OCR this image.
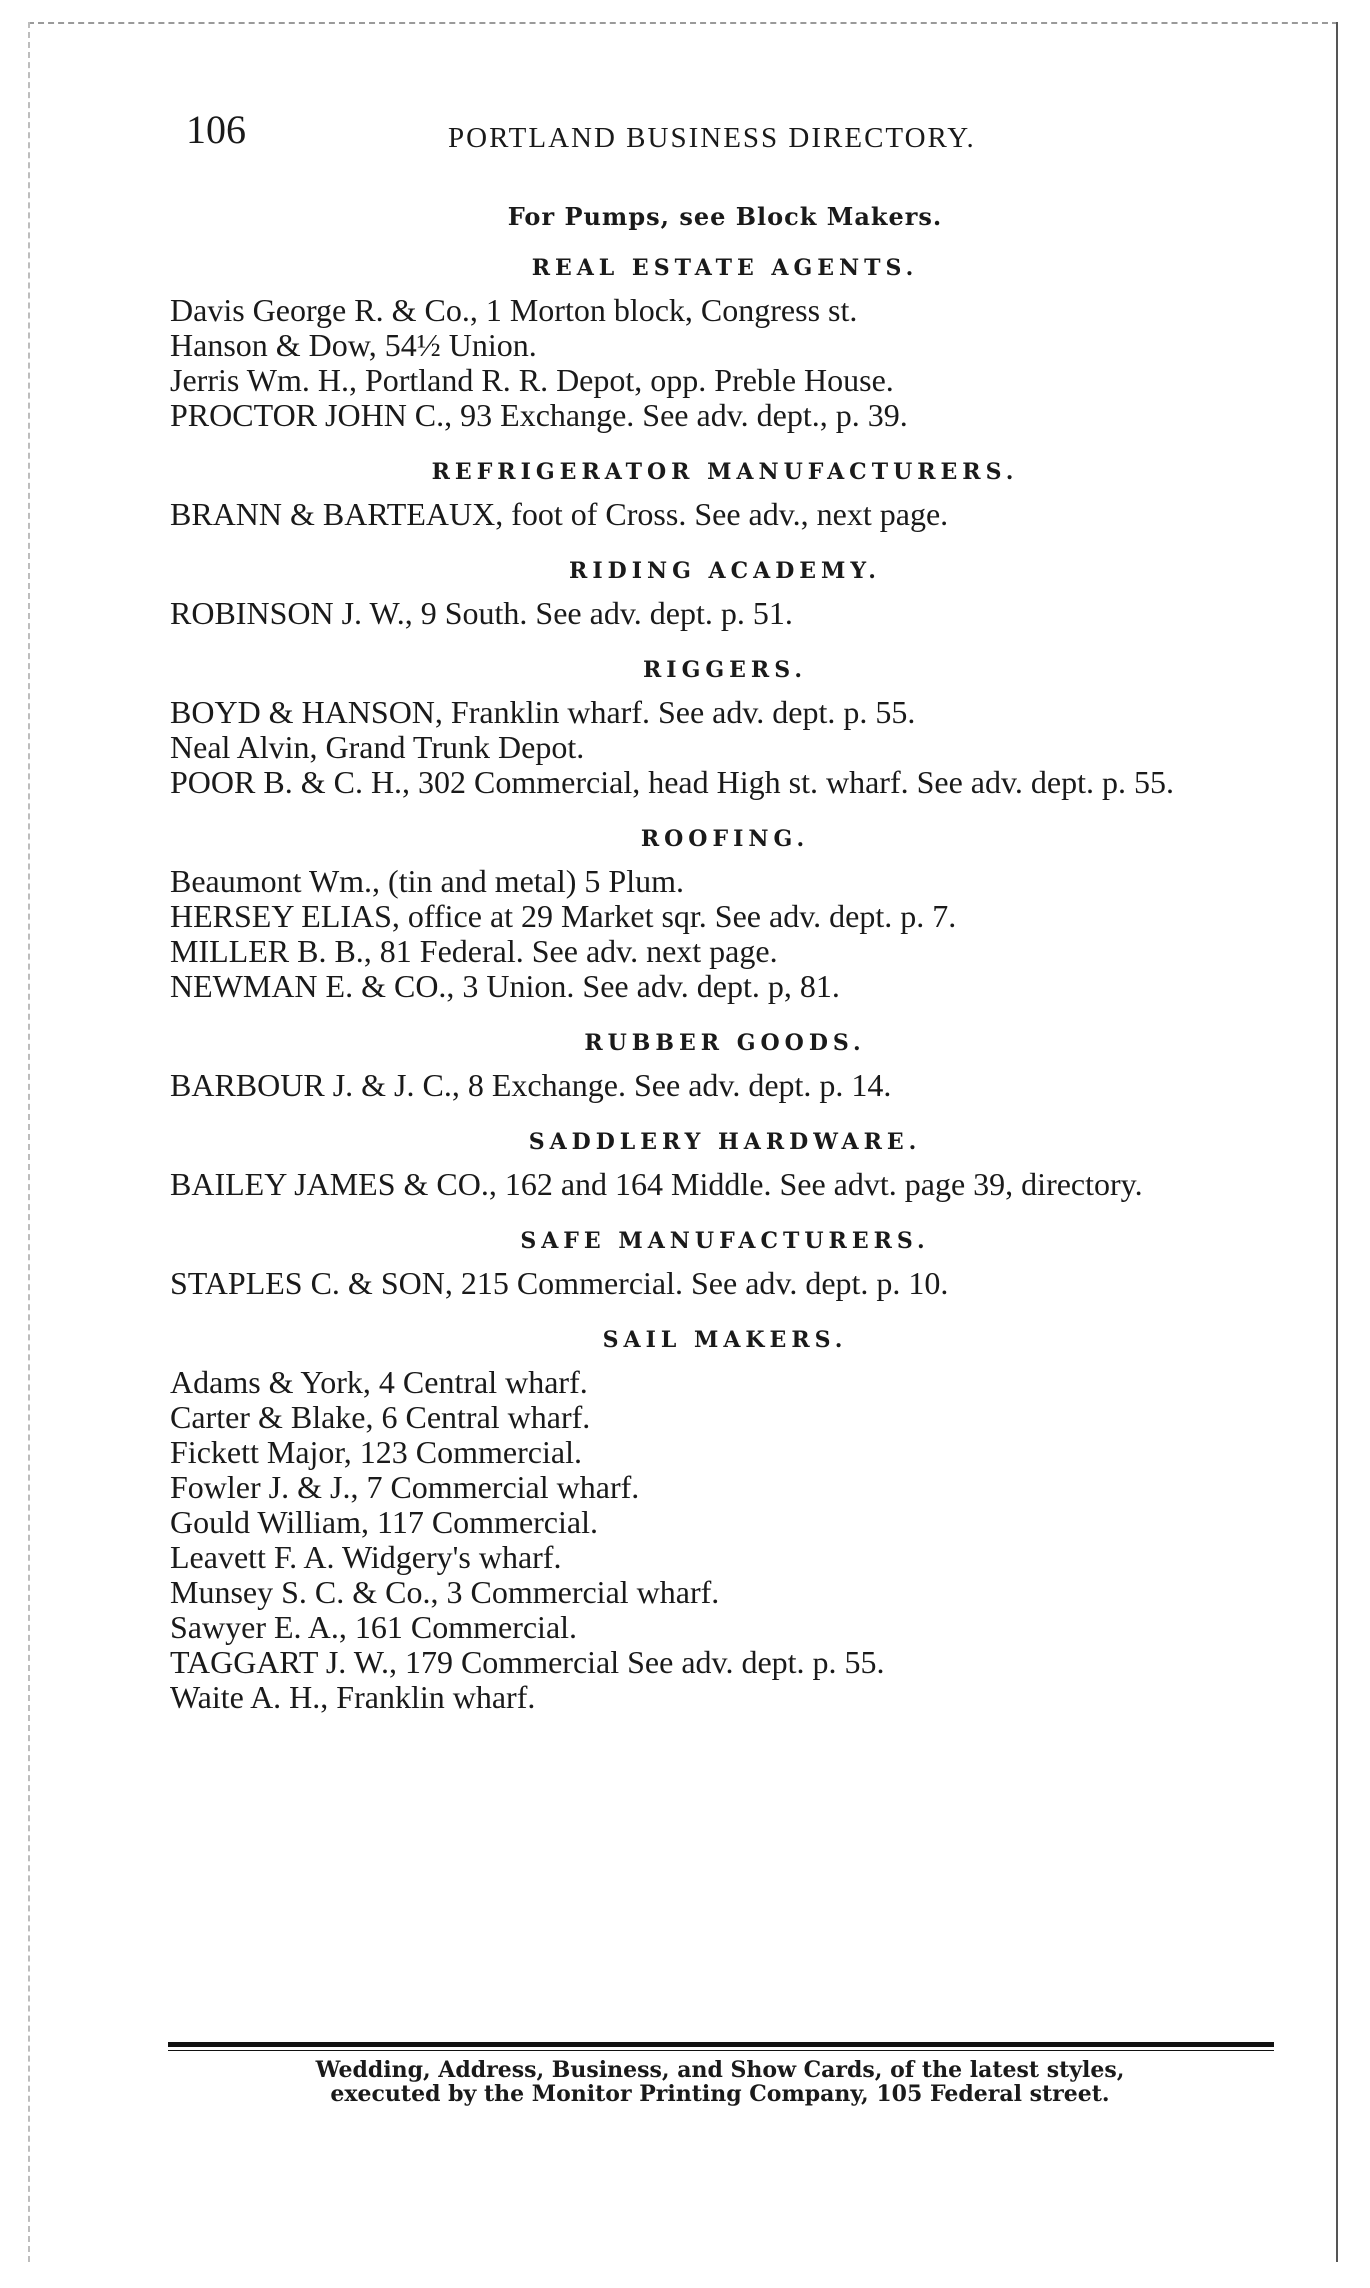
106	PORTLAND BUSINESS DIRECTORY.
For Pumps, see Block Makers.
REAL ESTATE AGENTS.
Davis George R. & Co., 1 Morton block, Congress st.
Hanson & Dow, 54½ Union.
Jerris Wm. H., Portland R. R. Depot, opp. Preble House.
PROCTOR JOHN C., 93 Exchange. See adv. dept., p. 39.
REFRIGERATOR MANUFACTURERS.
BRANN & BARTEAUX, foot of Cross. See adv., next page.
RIDING ACADEMY.
ROBINSON J. W., 9 South. See adv. dept. p. 51.
RIGGERS.
BOYD & HANSON, Franklin wharf. See adv. dept. p. 55.
Neal Alvin, Grand Trunk Depot.
POOR B. & C. H., 302 Commercial, head High st. wharf. See adv. dept. p. 55.
ROOFING.
Beaumont Wm., (tin and metal) 5 Plum.
HERSEY ELIAS, office at 29 Market sqr. See adv. dept. p. 7.
MILLER B. B., 81 Federal. See adv. next page.
NEWMAN E. & CO., 3 Union. See adv. dept. p, 81.
RUBBER GOODS.
BARBOUR J. & J. C., 8 Exchange. See adv. dept. p. 14.
SADDLERY HARDWARE.
BAILEY JAMES & CO., 162 and 164 Middle. See advt. page 39, directory.
SAFE MANUFACTURERS.
STAPLES C. & SON, 215 Commercial. See adv. dept. p. 10.
SAIL MAKERS.
Adams & York, 4 Central wharf.
Carter & Blake, 6 Central wharf.
Fickett Major, 123 Commercial.
Fowler J. & J., 7 Commercial wharf.
Gould William, 117 Commercial.
Leavett F. A. Widgery's wharf.
Munsey S. C. & Co., 3 Commercial wharf.
Sawyer E. A., 161 Commercial.
TAGGART J. W., 179 Commercial See adv. dept. p. 55.
Waite A. H., Franklin wharf.
Wedding, Address, Business, and Show Cards, of the latest styles,
executed by the Monitor Printing Company, 105 Federal street.
